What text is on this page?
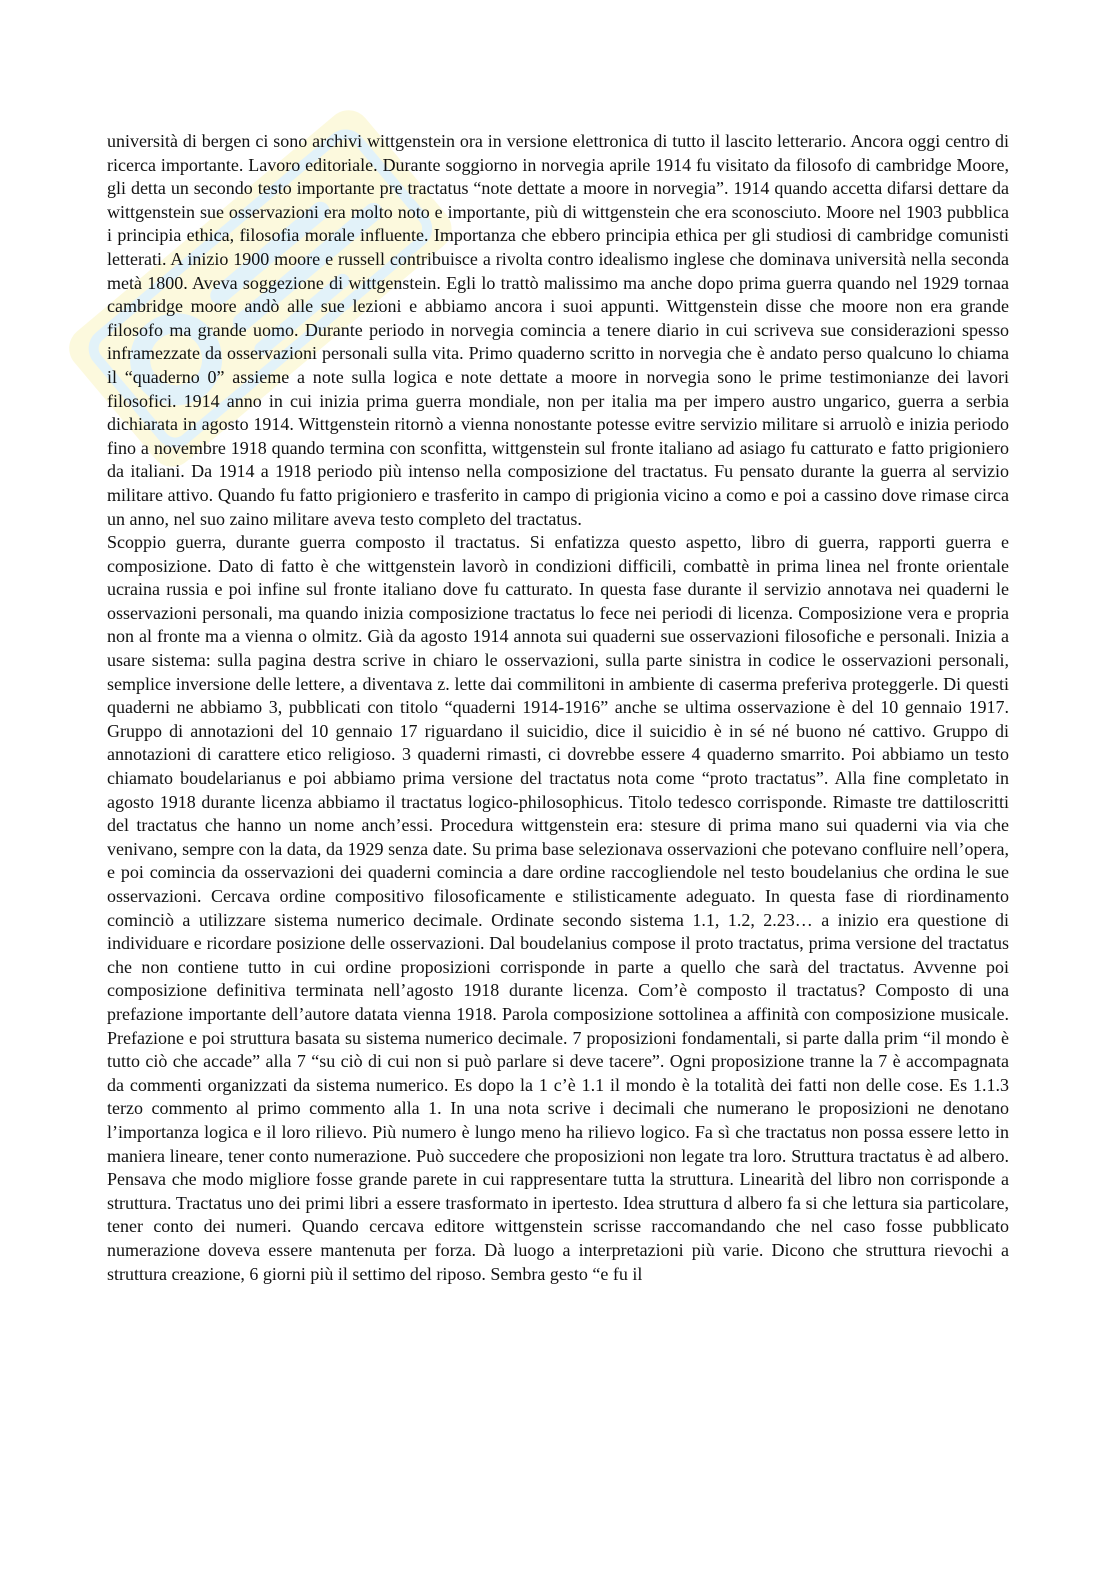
università di bergen ci sono archivi wittgenstein ora in versione elettronica di tutto il lascito letterario. Ancora oggi centro di ricerca importante. Lavoro editoriale. Durante soggiorno in norvegia aprile 1914 fu visitato da filosofo di cambridge Moore, gli detta un secondo testo importante pre tractatus “note dettate a moore in norvegia”. 1914 quando accetta difarsi dettare da wittgenstein sue osservazioni era molto noto e importante, più di wittgenstein che era sconosciuto. Moore nel 1903 pubblica i principia ethica, filosofia morale influente. Importanza che ebbero principia ethica per gli studiosi di cambridge comunisti letterati. A inizio 1900 moore e russell contribuisce a rivolta contro idealismo inglese che dominava università nella seconda metà 1800. Aveva soggezione di wittgenstein. Egli lo trattò malissimo ma anche dopo prima guerra quando nel 1929 tornaa cambridge moore andò alle sue lezioni e abbiamo ancora i suoi appunti. Wittgenstein disse che moore non era grande filosofo ma grande uomo. Durante periodo in norvegia comincia a tenere diario in cui scriveva sue considerazioni spesso inframezzate da osservazioni personali sulla vita. Primo quaderno scritto in norvegia che è andato perso qualcuno lo chiama il “quaderno 0” assieme a note sulla logica e note dettate a moore in norvegia sono le prime testimonianze dei lavori filosofici. 1914 anno in cui inizia prima guerra mondiale, non per italia ma per impero austro ungarico, guerra a serbia dichiarata in agosto 1914. Wittgenstein ritornò a vienna nonostante potesse evitre servizio militare si arruolò e inizia periodo fino a novembre 1918 quando termina con sconfitta, wittgenstein sul fronte italiano ad asiago fu catturato e fatto prigioniero da italiani. Da 1914 a 1918 periodo più intenso nella composizione del tractatus. Fu pensato durante la guerra al servizio militare attivo. Quando fu fatto prigioniero e trasferito in campo di prigionia vicino a como e poi a cassino dove rimase circa un anno, nel suo zaino militare aveva testo completo del tractatus.

Scoppio guerra, durante guerra composto il tractatus. Si enfatizza questo aspetto, libro di guerra, rapporti guerra e composizione. Dato di fatto è che wittgenstein lavorò in condizioni difficili, combattè in prima linea nel fronte orientale ucraina russia e poi infine sul fronte italiano dove fu catturato. In questa fase durante il servizio annotava nei quaderni le osservazioni personali, ma quando inizia composizione tractatus lo fece nei periodi di licenza. Composizione vera e propria non al fronte ma a vienna o olmitz. Già da agosto 1914 annota sui quaderni sue osservazioni filosofiche e personali. Inizia a usare sistema: sulla pagina destra scrive in chiaro le osservazioni, sulla parte sinistra in codice le osservazioni personali, semplice inversione delle lettere, a diventava z. lette dai commilitoni in ambiente di caserma preferiva proteggerle. Di questi quaderni ne abbiamo 3, pubblicati con titolo “quaderni 1914-1916” anche se ultima osservazione è del 10 gennaio 1917. Gruppo di annotazioni del 10 gennaio 17 riguardano il suicidio, dice il suicidio è in sé né buono né cattivo. Gruppo di annotazioni di carattere etico religioso. 3 quaderni rimasti, ci dovrebbe essere 4 quaderno smarrito. Poi abbiamo un testo chiamato boudelarianus e poi abbiamo prima versione del tractatus nota come “proto tractatus”. Alla fine completato in agosto 1918 durante licenza abbiamo il tractatus logico-philosophicus. Titolo tedesco corrisponde. Rimaste tre dattiloscritti del tractatus che hanno un nome anch’essi. Procedura wittgenstein era: stesure di prima mano sui quaderni via via che venivano, sempre con la data, da 1929 senza date. Su prima base selezionava osservazioni che potevano confluire nell’opera, e poi comincia da osservazioni dei quaderni comincia a dare ordine raccogliendole nel testo boudelanius che ordina le sue osservazioni. Cercava ordine compositivo filosoficamente e stilisticamente adeguato. In questa fase di riordinamento cominciò a utilizzare sistema numerico decimale. Ordinate secondo sistema 1.1, 1.2, 2.23… a inizio era questione di individuare e ricordare posizione delle osservazioni. Dal boudelanius compose il proto tractatus, prima versione del tractatus che non contiene tutto in cui ordine proposizioni corrisponde in parte a quello che sarà del tractatus. Avvenne poi composizione definitiva terminata nell’agosto 1918 durante licenza. Com’è composto il tractatus? Composto di una prefazione importante dell’autore datata vienna 1918. Parola composizione sottolinea a affinità con composizione musicale. Prefazione e poi struttura basata su sistema numerico decimale. 7 proposizioni fondamentali, si parte dalla prim “il mondo è tutto ciò che accade” alla 7 “su ciò di cui non si può parlare si deve tacere”. Ogni proposizione tranne la 7 è accompagnata da commenti organizzati da sistema numerico. Es dopo la 1 c’è 1.1 il mondo è la totalità dei fatti non delle cose. Es 1.1.3 terzo commento al primo commento alla 1. In una nota scrive i decimali che numerano le proposizioni ne denotano l’importanza logica e il loro rilievo. Più numero è lungo meno ha rilievo logico. Fa sì che tractatus non possa essere letto in maniera lineare, tener conto numerazione. Può succedere che proposizioni non legate tra loro. Struttura tractatus è ad albero. Pensava che modo migliore fosse grande parete in cui rappresentare tutta la struttura. Linearità del libro non corrisponde a struttura. Tractatus uno dei primi libri a essere trasformato in ipertesto. Idea struttura d albero fa si che lettura sia particolare, tener conto dei numeri. Quando cercava editore wittgenstein scrisse raccomandando che nel caso fosse pubblicato numerazione doveva essere mantenuta per forza. Dà luogo a interpretazioni più varie. Dicono che struttura rievochi a struttura creazione, 6 giorni più il settimo del riposo. Sembra gesto “e fu il
